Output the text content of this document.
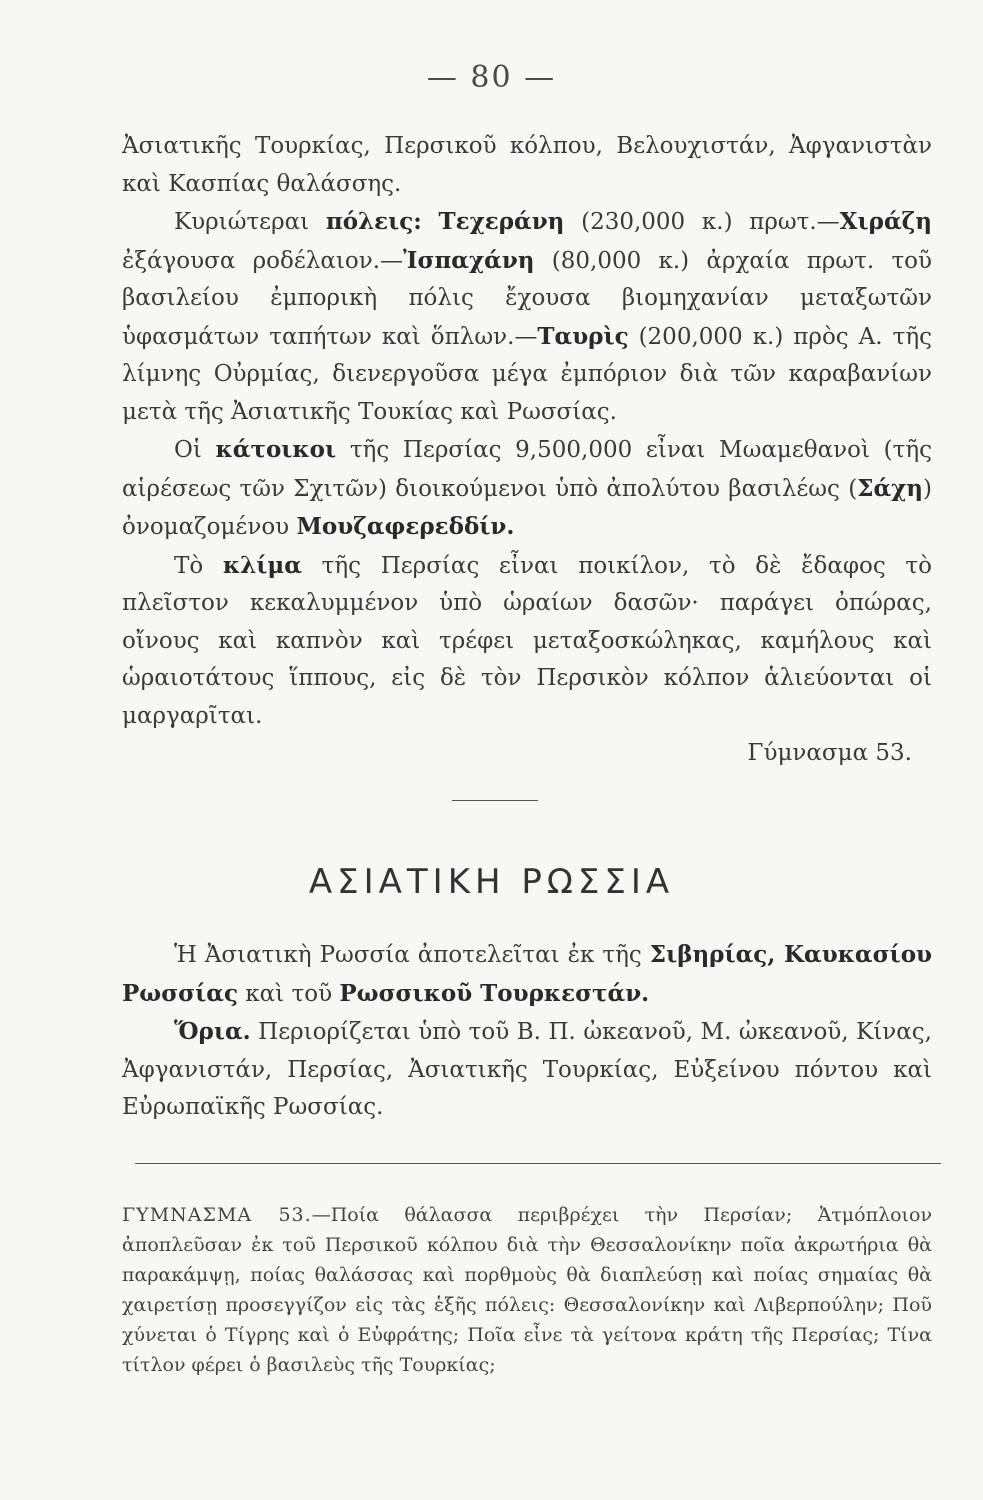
— 80 —

Ἀσιατικῆς Τουρκίας, Περσικοῦ κόλπου, Βελουχιστάν, Ἀφγανιστὰν καὶ Κασπίας θαλάσσης.

Κυριώτεραι πόλεις: Τεχεράνη (230,000 κ.) πρωτ.—Χιράζη ἐξάγουσα ροδέλαιον.—Ἰσπαχάνη (80,000 κ.) ἀρχαία πρωτ. τοῦ βασιλείου ἐμπορικὴ πόλις ἔχουσα βιομηχανίαν μεταξωτῶν ὑφασμάτων ταπήτων καὶ ὅπλων.—Ταυρὶς (200,000 κ.) πρὸς Α. τῆς λίμνης Οὐρμίας, διενεργοῦσα μέγα ἐμπόριον διὰ τῶν καραβανίων μετὰ τῆς Ἀσιατικῆς Τουκίας καὶ Ρωσσίας.

Οἱ κάτοικοι τῆς Περσίας 9,500,000 εἶναι Μωαμεθανοὶ (τῆς αἱρέσεως τῶν Σχιτῶν) διοικούμενοι ὑπὸ ἀπολύτου βασιλέως (Σάχη) ὀνομαζομένου Μουζαφερεδδίν.

Τὸ κλίμα τῆς Περσίας εἶναι ποικίλον, τὸ δὲ ἔδαφος τὸ πλεῖστον κεκαλυμμένον ὑπὸ ὡραίων δασῶν· παράγει ὀπώρας, οἴνους καὶ καπνὸν καὶ τρέφει μεταξοσκώληκας, καμήλους καὶ ὡραιοτάτους ἵππους, εἰς δὲ τὸν Περσικὸν κόλπον ἁλιεύονται οἱ μαργαρῖται.

Γύμνασμα 53.

ΑΣΙΑΤΙΚΗ ΡΩΣΣΙΑ

Ἡ Ἀσιατικὴ Ρωσσία ἀποτελεῖται ἐκ τῆς Σιβηρίας, Καυκασίου Ρωσσίας καὶ τοῦ Ρωσσικοῦ Τουρκεστάν.

Ὅρια. Περιορίζεται ὑπὸ τοῦ Β. Π. ὠκεανοῦ, Μ. ὠκεανοῦ, Κίνας, Ἀφγανιστάν, Περσίας, Ἀσιατικῆς Τουρκίας, Εὐξείνου πόντου καὶ Εὐρωπαϊκῆς Ρωσσίας.

ΓΥΜΝΑΣΜΑ 53.—Ποία θάλασσα περιβρέχει τὴν Περσίαν; Ἀτμόπλοιον ἀποπλεῦσαν ἐκ τοῦ Περσικοῦ κόλπου διὰ τὴν Θεσσαλονίκην ποῖα ἀκρωτήρια θὰ παρακάμψῃ, ποίας θαλάσσας καὶ πορθμοὺς θὰ διαπλεύσῃ καὶ ποίας σημαίας θὰ χαιρετίσῃ προσεγγίζον εἰς τὰς ἑξῆς πόλεις: Θεσσαλονίκην καὶ Λιβερπούλην; Ποῦ χύνεται ὁ Τίγρης καὶ ὁ Εὐφράτης; Ποῖα εἶνε τὰ γείτονα κράτη τῆς Περσίας; Τίνα τίτλον φέρει ὁ βασιλεὺς τῆς Τουρκίας;
